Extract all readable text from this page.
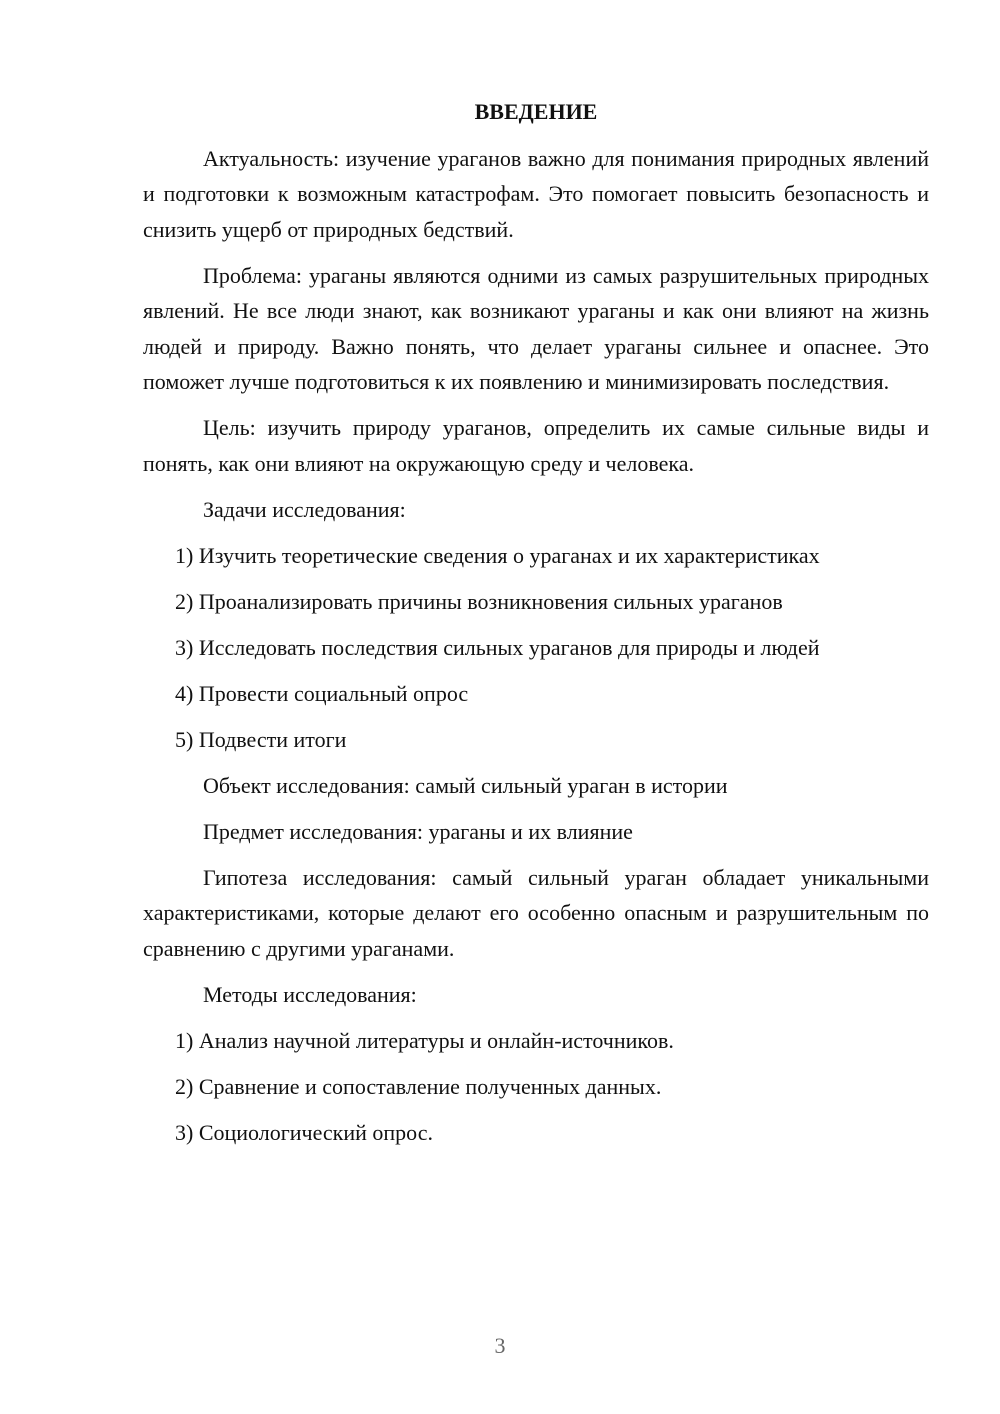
ВВЕДЕНИЕ

Актуальность: изучение ураганов важно для понимания природных явлений и подготовки к возможным катастрофам. Это помогает повысить безопасность и снизить ущерб от природных бедствий.

Проблема: ураганы являются одними из самых разрушительных природных явлений. Не все люди знают, как возникают ураганы и как они влияют на жизнь людей и природу. Важно понять, что делает ураганы сильнее и опаснее. Это поможет лучше подготовиться к их появлению и минимизировать последствия.

Цель: изучить природу ураганов, определить их самые сильные виды и понять, как они влияют на окружающую среду и человека.

Задачи исследования:

1) Изучить теоретические сведения о ураганах и их характеристиках

2) Проанализировать причины возникновения сильных ураганов

3) Исследовать последствия сильных ураганов для природы и людей

4) Провести социальный опрос

5) Подвести итоги

Объект исследования: самый сильный ураган в истории

Предмет исследования: ураганы и их влияние

Гипотеза исследования: самый сильный ураган обладает уникальными характеристиками, которые делают его особенно опасным и разрушительным по сравнению с другими ураганами.

Методы исследования:

1) Анализ научной литературы и онлайн-источников.

2) Сравнение и сопоставление полученных данных.

3) Социологический опрос.

3
